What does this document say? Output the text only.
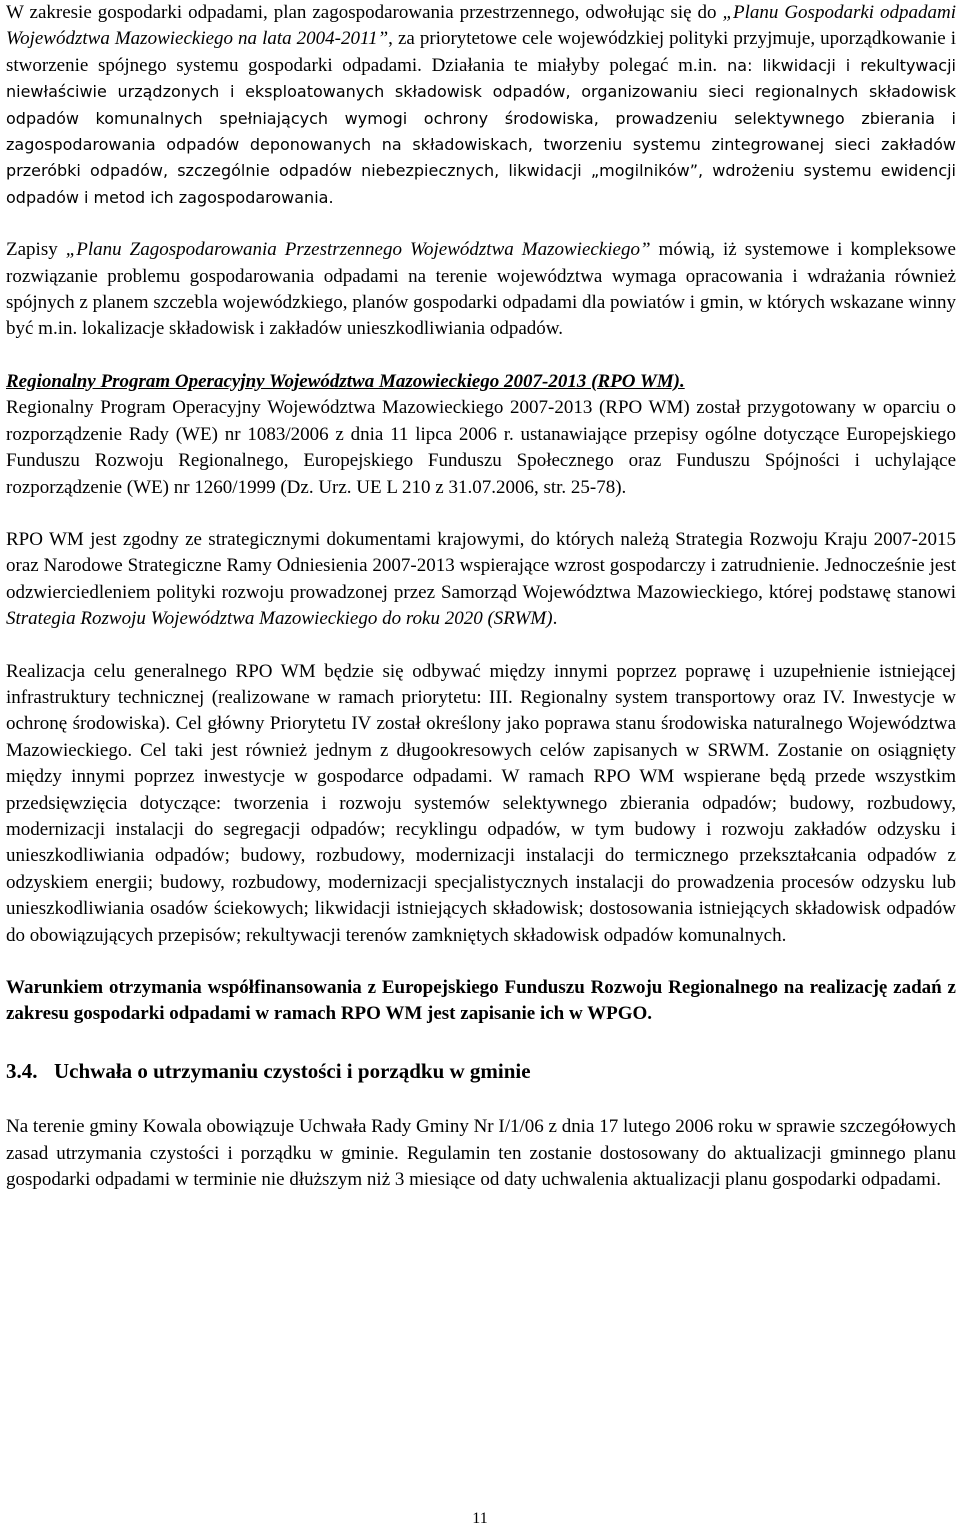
W zakresie gospodarki odpadami, plan zagospodarowania przestrzennego, odwołując się do „Planu Gospodarki odpadami Województwa Mazowieckiego na lata 2004-2011”, za priorytetowe cele wojewódzkiej polityki przyjmuje, uporządkowanie i stworzenie spójnego systemu gospodarki odpadami. Działania te miałyby polegać m.in. na: likwidacji i rekultywacji niewłaściwie urządzonych i eksploatowanych składowisk odpadów, organizowaniu sieci regionalnych składowisk odpadów komunalnych spełniających wymogi ochrony środowiska, prowadzeniu selektywnego zbierania i zagospodarowania odpadów deponowanych na składowiskach, tworzeniu systemu zintegrowanej sieci zakładów przeróbki odpadów, szczególnie odpadów niebezpiecznych, likwidacji „mogilników”, wdrożeniu systemu ewidencji odpadów i metod ich zagospodarowania.

Zapisy „Planu Zagospodarowania Przestrzennego Województwa Mazowieckiego” mówią, iż systemowe i kompleksowe rozwiązanie problemu gospodarowania odpadami na terenie województwa wymaga opracowania i wdrażania również spójnych z planem szczebla wojewódzkiego, planów gospodarki odpadami dla powiatów i gmin, w których wskazane winny być m.in. lokalizacje składowisk i zakładów unieszkodliwiania odpadów.

Regionalny Program Operacyjny Województwa Mazowieckiego 2007-2013 (RPO WM).
Regionalny Program Operacyjny Województwa Mazowieckiego 2007-2013 (RPO WM) został przygotowany w oparciu o rozporządzenie Rady (WE) nr 1083/2006 z dnia 11 lipca 2006 r. ustanawiające przepisy ogólne dotyczące Europejskiego Funduszu Rozwoju Regionalnego, Europejskiego Funduszu Społecznego oraz Funduszu Spójności i uchylające rozporządzenie (WE) nr 1260/1999 (Dz. Urz. UE L 210 z 31.07.2006, str. 25-78).

RPO WM jest zgodny ze strategicznymi dokumentami krajowymi, do których należą Strategia Rozwoju Kraju 2007-2015 oraz Narodowe Strategiczne Ramy Odniesienia 2007-2013 wspierające wzrost gospodarczy i zatrudnienie. Jednocześnie jest odzwierciedleniem polityki rozwoju prowadzonej przez Samorząd Województwa Mazowieckiego, której podstawę stanowi Strategia Rozwoju Województwa Mazowieckiego do roku 2020 (SRWM).

Realizacja celu generalnego RPO WM będzie się odbywać między innymi poprzez poprawę i uzupełnienie istniejącej infrastruktury technicznej (realizowane w ramach priorytetu: III. Regionalny system transportowy oraz IV. Inwestycje w ochronę środowiska). Cel główny Priorytetu IV został określony jako poprawa stanu środowiska naturalnego Województwa Mazowieckiego. Cel taki jest również jednym z długookresowych celów zapisanych w SRWM. Zostanie on osiągnięty między innymi poprzez inwestycje w gospodarce odpadami. W ramach RPO WM wspierane będą przede wszystkim przedsięwzięcia dotyczące: tworzenia i rozwoju systemów selektywnego zbierania odpadów; budowy, rozbudowy, modernizacji instalacji do segregacji odpadów; recyklingu odpadów, w tym budowy i rozwoju zakładów odzysku i unieszkodliwiania odpadów; budowy, rozbudowy, modernizacji instalacji do termicznego przekształcania odpadów z odzyskiem energii; budowy, rozbudowy, modernizacji specjalistycznych instalacji do prowadzenia procesów odzysku lub unieszkodliwiania osadów ściekowych; likwidacji istniejących składowisk; dostosowania istniejących składowisk odpadów do obowiązujących przepisów; rekultywacji terenów zamkniętych składowisk odpadów komunalnych.

Warunkiem otrzymania współfinansowania z Europejskiego Funduszu Rozwoju Regionalnego na realizację zadań z zakresu gospodarki odpadami w ramach RPO WM jest zapisanie ich w WPGO.

3.4. Uchwała o utrzymaniu czystości i porządku w gminie

Na terenie gminy Kowala obowiązuje Uchwała Rady Gminy Nr I/1/06 z dnia 17 lutego 2006 roku w sprawie szczegółowych zasad utrzymania czystości i porządku w gminie. Regulamin ten zostanie dostosowany do aktualizacji gminnego planu gospodarki odpadami w terminie nie dłuższym niż 3 miesiące od daty uchwalenia aktualizacji planu gospodarki odpadami.

11
